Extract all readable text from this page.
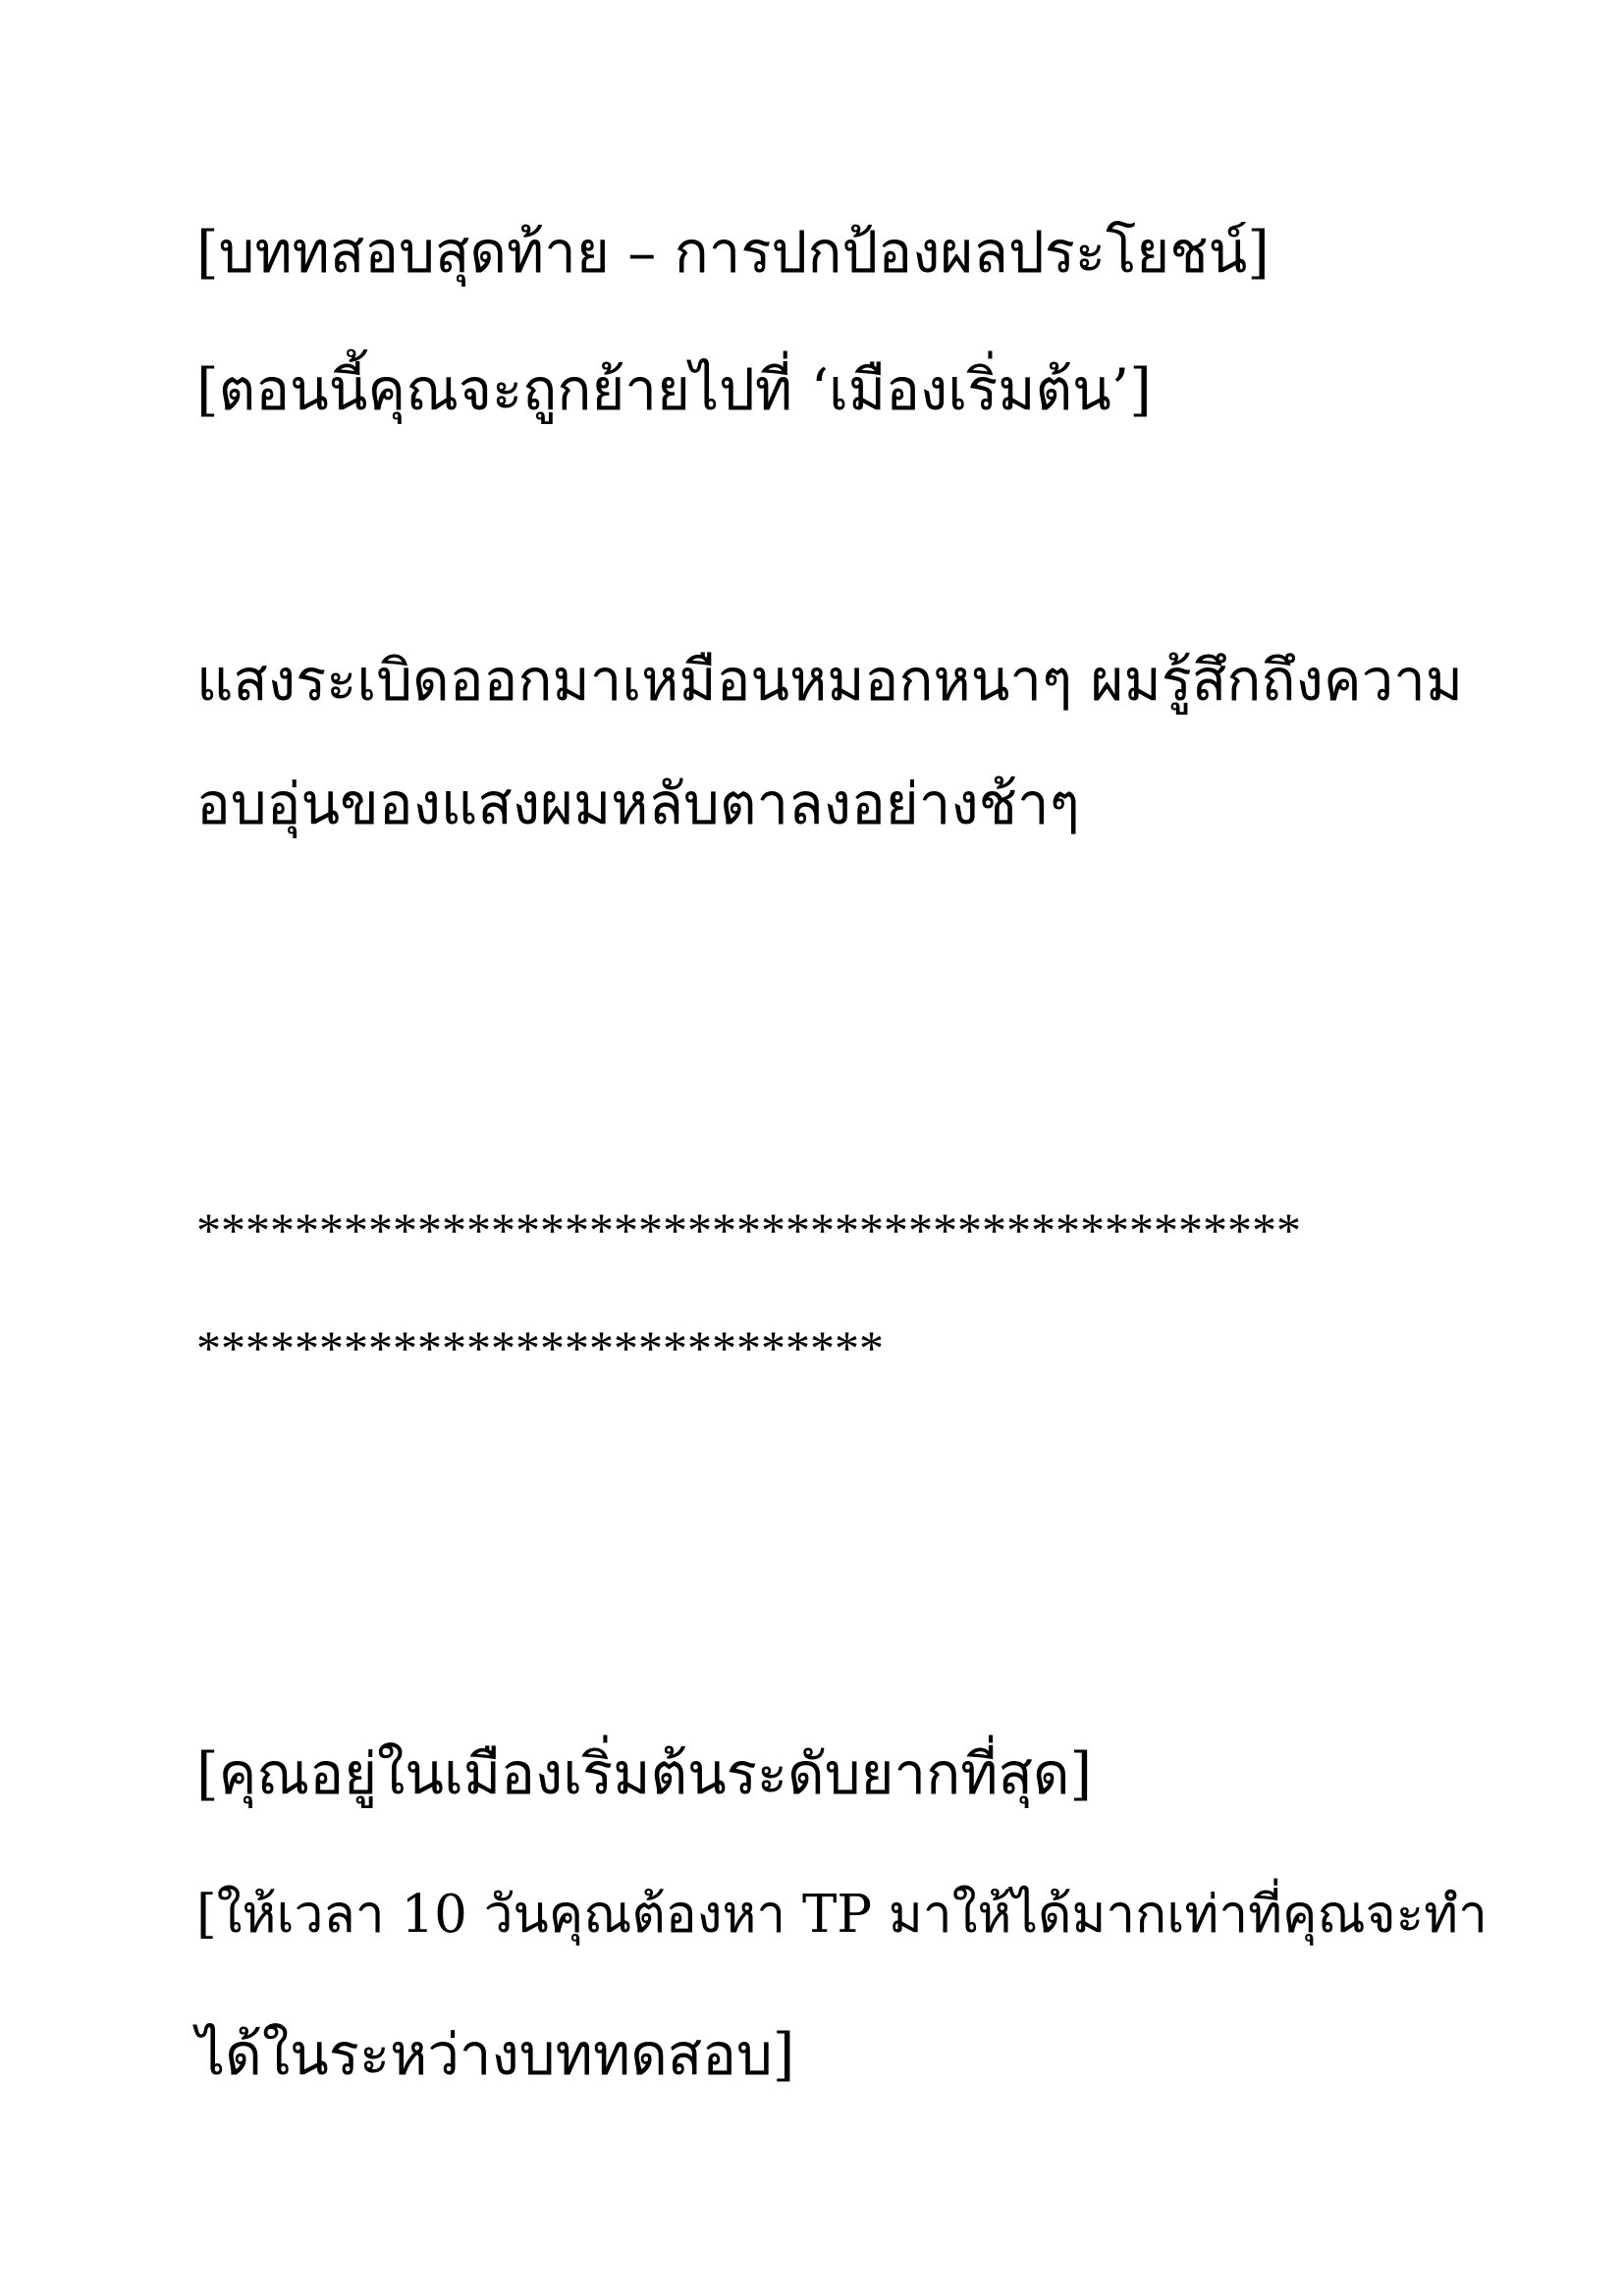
[บททสอบสุดท้าย – การปกป้องผลประโยชน์]
[ตอนนี้คุณจะถูกย้ายไปที่ ‘เมืองเริ่มต้น’]
แสงระเบิดออกมาเหมือนหมอกหนาๆ ผมรู้สึกถึงความ
อบอุ่นของแสงผมหลับตาลงอย่างช้าๆ
*********************************************
****************************
[คุณอยู่ในเมืองเริ่มต้นระดับยากที่สุด]
[ให้เวลา 10 วันคุณต้องหา TP มาให้ได้มากเท่าที่คุณจะทำ
ได้ในระหว่างบททดสอบ]
